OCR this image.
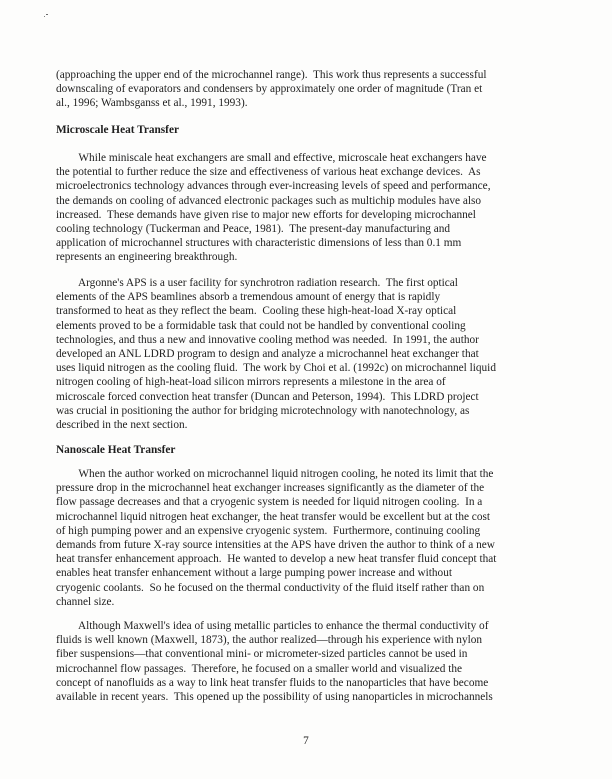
(approaching the upper end of the microchannel range).  This work thus represents a successful
downscaling of evaporators and condensers by approximately one order of magnitude (Tran et
al., 1996; Wambsganss et al., 1991, 1993).
Microscale Heat Transfer
While miniscale heat exchangers are small and effective, microscale heat exchangers have
the potential to further reduce the size and effectiveness of various heat exchange devices.  As
microelectronics technology advances through ever-increasing levels of speed and performance,
the demands on cooling of advanced electronic packages such as multichip modules have also
increased.  These demands have given rise to major new efforts for developing microchannel
cooling technology (Tuckerman and Peace, 1981).  The present-day manufacturing and
application of microchannel structures with characteristic dimensions of less than 0.1 mm
represents an engineering breakthrough.
Argonne's APS is a user facility for synchrotron radiation research.  The first optical
elements of the APS beamlines absorb a tremendous amount of energy that is rapidly
transformed to heat as they reflect the beam.  Cooling these high-heat-load X-ray optical
elements proved to be a formidable task that could not be handled by conventional cooling
technologies, and thus a new and innovative cooling method was needed.  In 1991, the author
developed an ANL LDRD program to design and analyze a microchannel heat exchanger that
uses liquid nitrogen as the cooling fluid.  The work by Choi et al. (1992c) on microchannel liquid
nitrogen cooling of high-heat-load silicon mirrors represents a milestone in the area of
microscale forced convection heat transfer (Duncan and Peterson, 1994).  This LDRD project
was crucial in positioning the author for bridging microtechnology with nanotechnology, as
described in the next section.
Nanoscale Heat Transfer
When the author worked on microchannel liquid nitrogen cooling, he noted its limit that the
pressure drop in the microchannel heat exchanger increases significantly as the diameter of the
flow passage decreases and that a cryogenic system is needed for liquid nitrogen cooling.  In a
microchannel liquid nitrogen heat exchanger, the heat transfer would be excellent but at the cost
of high pumping power and an expensive cryogenic system.  Furthermore, continuing cooling
demands from future X-ray source intensities at the APS have driven the author to think of a new
heat transfer enhancement approach.  He wanted to develop a new heat transfer fluid concept that
enables heat transfer enhancement without a large pumping power increase and without
cryogenic coolants.  So he focused on the thermal conductivity of the fluid itself rather than on
channel size.
Although Maxwell's idea of using metallic particles to enhance the thermal conductivity of
fluids is well known (Maxwell, 1873), the author realized—through his experience with nylon
fiber suspensions—that conventional mini- or micrometer-sized particles cannot be used in
microchannel flow passages.  Therefore, he focused on a smaller world and visualized the
concept of nanofluids as a way to link heat transfer fluids to the nanoparticles that have become
available in recent years.  This opened up the possibility of using nanoparticles in microchannels
7
